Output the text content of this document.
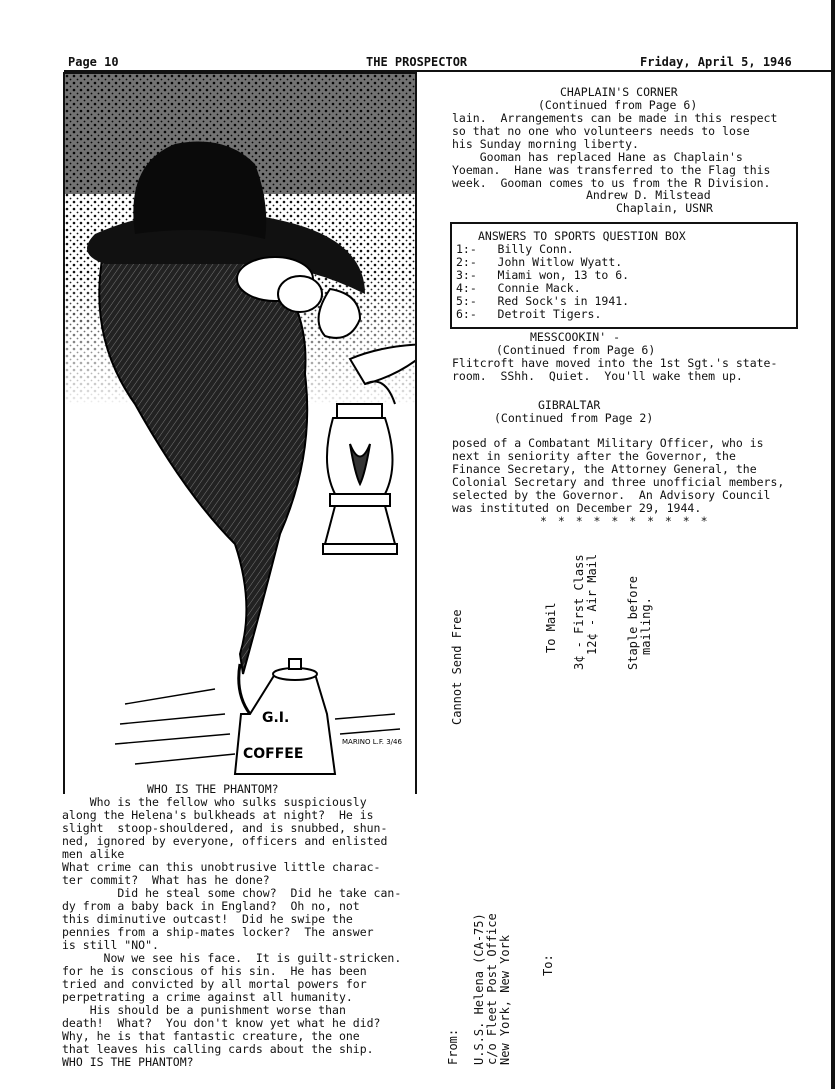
Page 10	THE PROSPECTOR	Friday, April 5, 1946
G.I.
COFFEE
MARINO L.F. 3/46
CHAPLAIN'S CORNER
(Continued from Page 6)
lain.  Arrangements can be made in this respect
so that no one who volunteers needs to lose
his Sunday morning liberty.
Gooman has replaced Hane as Chaplain's
Yoeman.  Hane was transferred to the Flag this
week.  Gooman comes to us from the R Division.
Andrew D. Milstead
Chaplain, USNR
ANSWERS TO SPORTS QUESTION BOX
1:-   Billy Conn.
2:-   John Witlow Wyatt.
3:-   Miami won, 13 to 6.
4:-   Connie Mack.
5:-   Red Sock's in 1941.
6:-   Detroit Tigers.
MESSCOOKIN' -
(Continued from Page 6)
Flitcroft have moved into the 1st Sgt.'s state-
room.  SShh.  Quiet.  You'll wake them up.
GIBRALTAR
(Continued from Page 2)
posed of a Combatant Military Officer, who is
next in seniority after the Governor, the
Finance Secretary, the Attorney General, the
Colonial Secretary and three unofficial members,
selected by the Governor.  An Advisory Council
was instituted on December 29, 1944.
* * * * * * * * * *
WHO IS THE PHANTOM?
Who is the fellow who sulks suspiciously
along the Helena's bulkheads at night?  He is
slight  stoop-shouldered, and is snubbed, shun-
ned, ignored by everyone, officers and enlisted
men alike
What crime can this unobtrusive little charac-
ter commit?  What has he done?
Did he steal some chow?  Did he take can-
dy from a baby back in England?  Oh no, not
this diminutive outcast!  Did he swipe the
pennies from a ship-mates locker?  The answer
is still "NO".
Now we see his face.  It is guilt-stricken.
for he is conscious of his sin.  He has been
tried and convicted by all mortal powers for
perpetrating a crime against all humanity.
His should be a punishment worse than
death!  What?  You don't know yet what he did?
Why, he is that fantastic creature, the one
that leaves his calling cards about the ship.
WHO IS THE PHANTOM?
Cannot Send Free	To Mail 3¢ - First Class 12¢ - Air Mail Staple before mailing.
From: U.S.S. Helena (CA-75) c/o Fleet Post Office New York, New York To:
